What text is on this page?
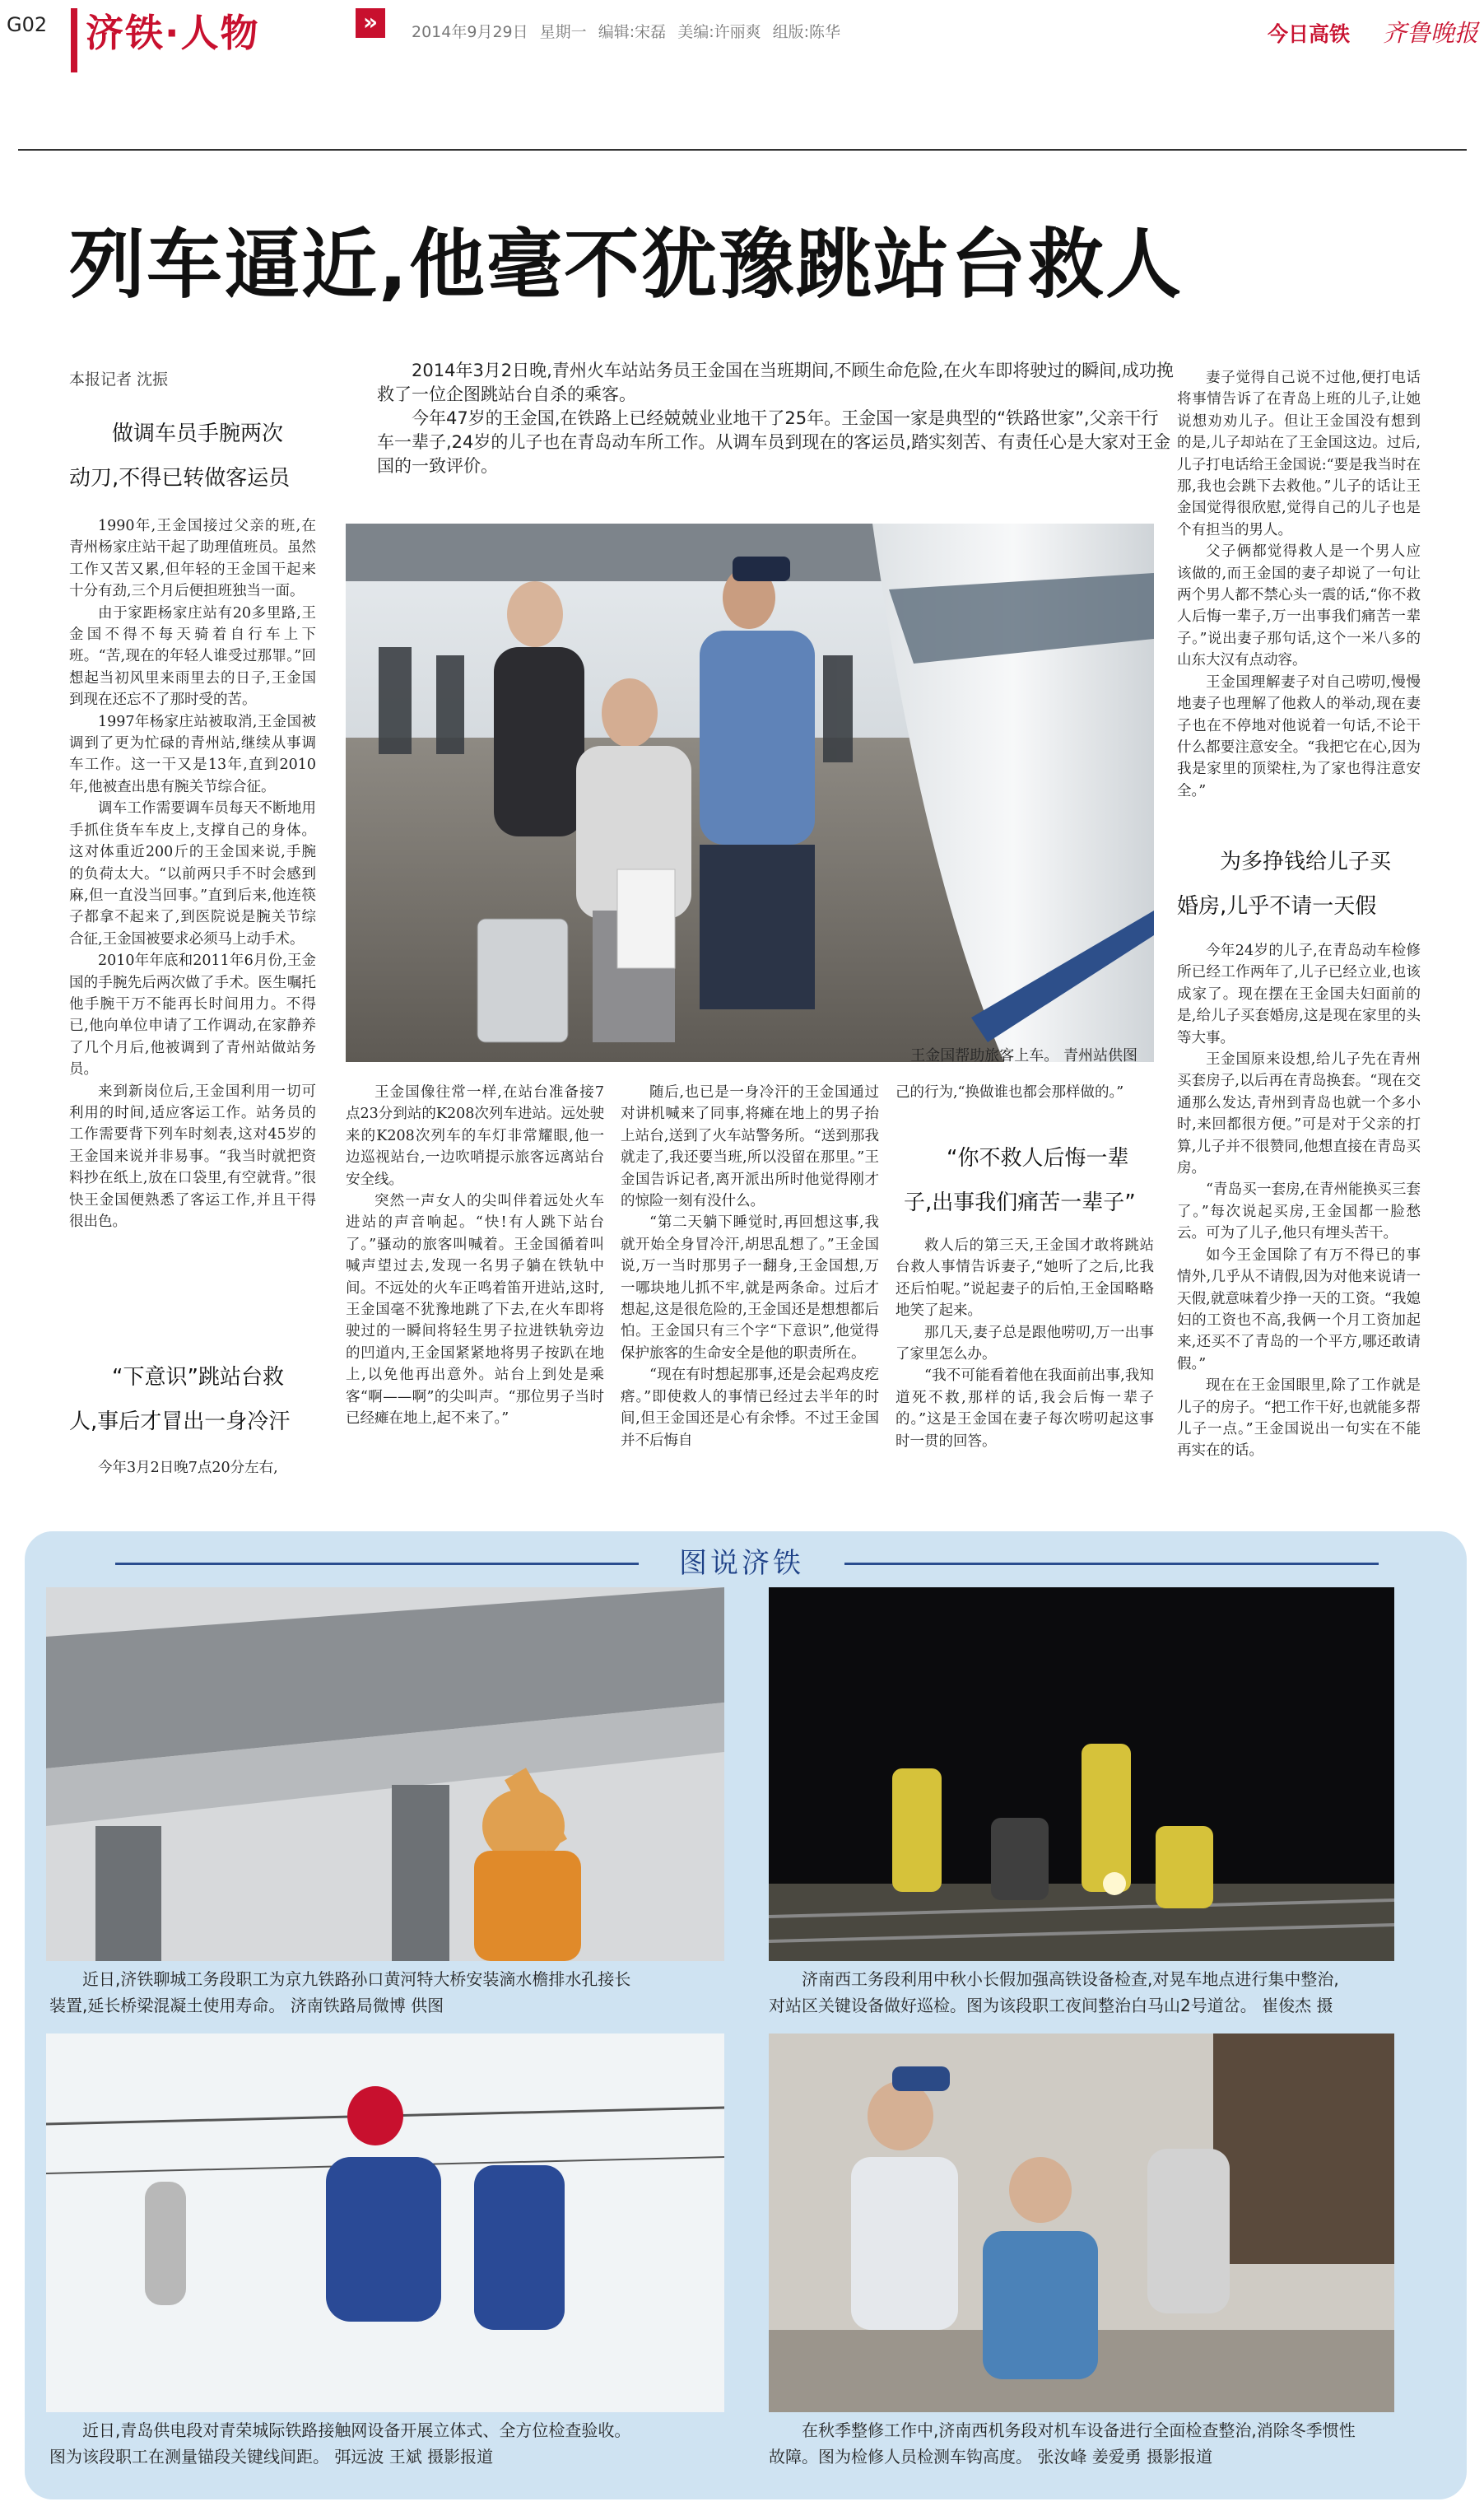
G02 济铁·人物	»	2014年9月29日 星期一 编辑:宋磊 美编:许丽爽 组版:陈华	今日高铁 齐鲁晚报
列车逼近,他毫不犹豫跳站台救人
本报记者 沈振	2014年3月2日晚,青州火车站站务员王金国在当班期间,不顾生命危险,在火车即将驶过的瞬间,成功挽救了一位企图跳站台自杀的乘客。

今年47岁的王金国,在铁路上已经兢兢业业地干了25年。王金国一家是典型的“铁路世家”,父亲干行车一辈子,24岁的儿子也在青岛动车所工作。从调车员到现在的客运员,踏实刻苦、有责任心是大家对王金国的一致评价。

做调车员手腕两次
动刀,不得已转做客运员

1990年,王金国接过父亲的班,在青州杨家庄站干起了助理值班员。虽然工作又苦又累,但年轻的王金国干起来十分有劲,三个月后便担班独当一面。

由于家距杨家庄站有20多里路,王金国不得不每天骑着自行车上下班。“苦,现在的年轻人谁受过那罪。”回想起当初风里来雨里去的日子,王金国到现在还忘不了那时受的苦。

1997年杨家庄站被取消,王金国被调到了更为忙碌的青州站,继续从事调车工作。这一干又是13年,直到2010年,他被查出患有腕关节综合征。

调车工作需要调车员每天不断地用手抓住货车车皮上,支撑自己的身体。这对体重近200斤的王金国来说,手腕的负荷太大。“以前两只手不时会感到麻,但一直没当回事。”直到后来,他连筷子都拿不起来了,到医院说是腕关节综合征,王金国被要求必须马上动手术。

2010年年底和2011年6月份,王金国的手腕先后两次做了手术。医生嘱托他手腕干万不能再长时间用力。不得已,他向单位申请了工作调动,在家静养了几个月后,他被调到了青州站做站务员。

来到新岗位后,王金国利用一切可利用的时间,适应客运工作。站务员的工作需要背下列车时刻表,这对45岁的王金国来说并非易事。“我当时就把资料抄在纸上,放在口袋里,有空就背。”很快王金国便熟悉了客运工作,并且干得很出色。

“下意识”跳站台救
人,事后才冒出一身冷汗

今年3月2日晚7点20分左右,

王金国帮助旅客上车。 青州站供图

王金国像往常一样,在站台准备接7点23分到站的K208次列车进站。远处驶来的K208次列车的车灯非常耀眼,他一边巡视站台,一边吹哨提示旅客远离站台安全线。

突然一声女人的尖叫伴着远处火车进站的声音响起。“快!有人跳下站台了。”骚动的旅客叫喊着。王金国循着叫喊声望过去,发现一名男子躺在铁轨中间。不远处的火车正鸣着笛开进站,这时,王金国毫不犹豫地跳了下去,在火车即将驶过的一瞬间将轻生男子拉进铁轨旁边的凹道内,王金国紧紧地将男子按趴在地上,以免他再出意外。站台上到处是乘客“啊——啊”的尖叫声。“那位男子当时已经瘫在地上,起不来了。”

随后,也已是一身冷汗的王金国通过对讲机喊来了同事,将瘫在地上的男子抬上站台,送到了火车站警务所。“送到那我就走了,我还要当班,所以没留在那里。”王金国告诉记者,离开派出所时他觉得刚才的惊险一刻有没什么。

“第二天躺下睡觉时,再回想这事,我就开始全身冒冷汗,胡思乱想了。”王金国说,万一当时那男子一翻身,王金国想,万一哪块地儿抓不牢,就是两条命。过后才想起,这是很危险的,王金国还是想想都后怕。王金国只有三个字“下意识”,他觉得保护旅客的生命安全是他的职责所在。

“现在有时想起那事,还是会起鸡皮疙瘩。”即使救人的事情已经过去半年的时间,但王金国还是心有余悸。不过王金国并不后悔自

己的行为,“换做谁也都会那样做的。”

“你不救人后悔一辈
子,出事我们痛苦一辈子”

救人后的第三天,王金国才敢将跳站台救人事情告诉妻子,“她听了之后,比我还后怕呢。”说起妻子的后怕,王金国略略地笑了起来。

那几天,妻子总是跟他唠叨,万一出事了家里怎么办。

“我不可能看着他在我面前出事,我知道死不救,那样的话,我会后悔一辈子的。”这是王金国在妻子每次唠叨起这事时一贯的回答。

妻子觉得自己说不过他,便打电话将事情告诉了在青岛上班的儿子,让她说想劝劝儿子。但让王金国没有想到的是,儿子却站在了王金国这边。过后,儿子打电话给王金国说:“要是我当时在那,我也会跳下去救他。”儿子的话让王金国觉得很欣慰,觉得自己的儿子也是个有担当的男人。

父子俩都觉得救人是一个男人应该做的,而王金国的妻子却说了一句让两个男人都不禁心头一震的话,“你不救人后悔一辈子,万一出事我们痛苦一辈子。”说出妻子那句话,这个一米八多的山东大汉有点动容。

王金国理解妻子对自己唠叨,慢慢地妻子也理解了他救人的举动,现在妻子也在不停地对他说着一句话,不论干什么都要注意安全。“我把它在心,因为我是家里的顶梁柱,为了家也得注意安全。”

为多挣钱给儿子买
婚房,儿乎不请一天假

今年24岁的儿子,在青岛动车检修所已经工作两年了,儿子已经立业,也该成家了。现在摆在王金国夫妇面前的是,给儿子买套婚房,这是现在家里的头等大事。

王金国原来设想,给儿子先在青州买套房子,以后再在青岛换套。“现在交通那么发达,青州到青岛也就一个多小时,来回都很方便。”可是对于父亲的打算,儿子并不很赞同,他想直接在青岛买房。

“青岛买一套房,在青州能换买三套了。”每次说起买房,王金国都一脸愁云。可为了儿子,他只有埋头苦干。

如今王金国除了有万不得已的事情外,几乎从不请假,因为对他来说请一天假,就意味着少挣一天的工资。“我媳妇的工资也不高,我俩一个月工资加起来,还买不了青岛的一个平方,哪还敢请假。”

现在在王金国眼里,除了工作就是儿子的房子。“把工作干好,也就能多帮儿子一点。”王金国说出一句实在不能再实在的话。

图说济铁
近日,济铁聊城工务段职工为京九铁路孙口黄河特大桥安装滴水檐排水孔接长
装置,延长桥梁混凝土使用寿命。 济南铁路局微博 供图
济南西工务段利用中秋小长假加强高铁设备检查,对晃车地点进行集中整治,
对站区关键设备做好巡检。图为该段职工夜间整治白马山2号道岔。 崔俊杰 摄
近日,青岛供电段对青荣城际铁路接触网设备开展立体式、全方位检查验收。
图为该段职工在测量锚段关键线间距。 弭远波 王斌 摄影报道
在秋季整修工作中,济南西机务段对机车设备进行全面检查整治,消除冬季惯性
故障。图为检修人员检测车钩高度。 张汝峰 姜爱勇 摄影报道
